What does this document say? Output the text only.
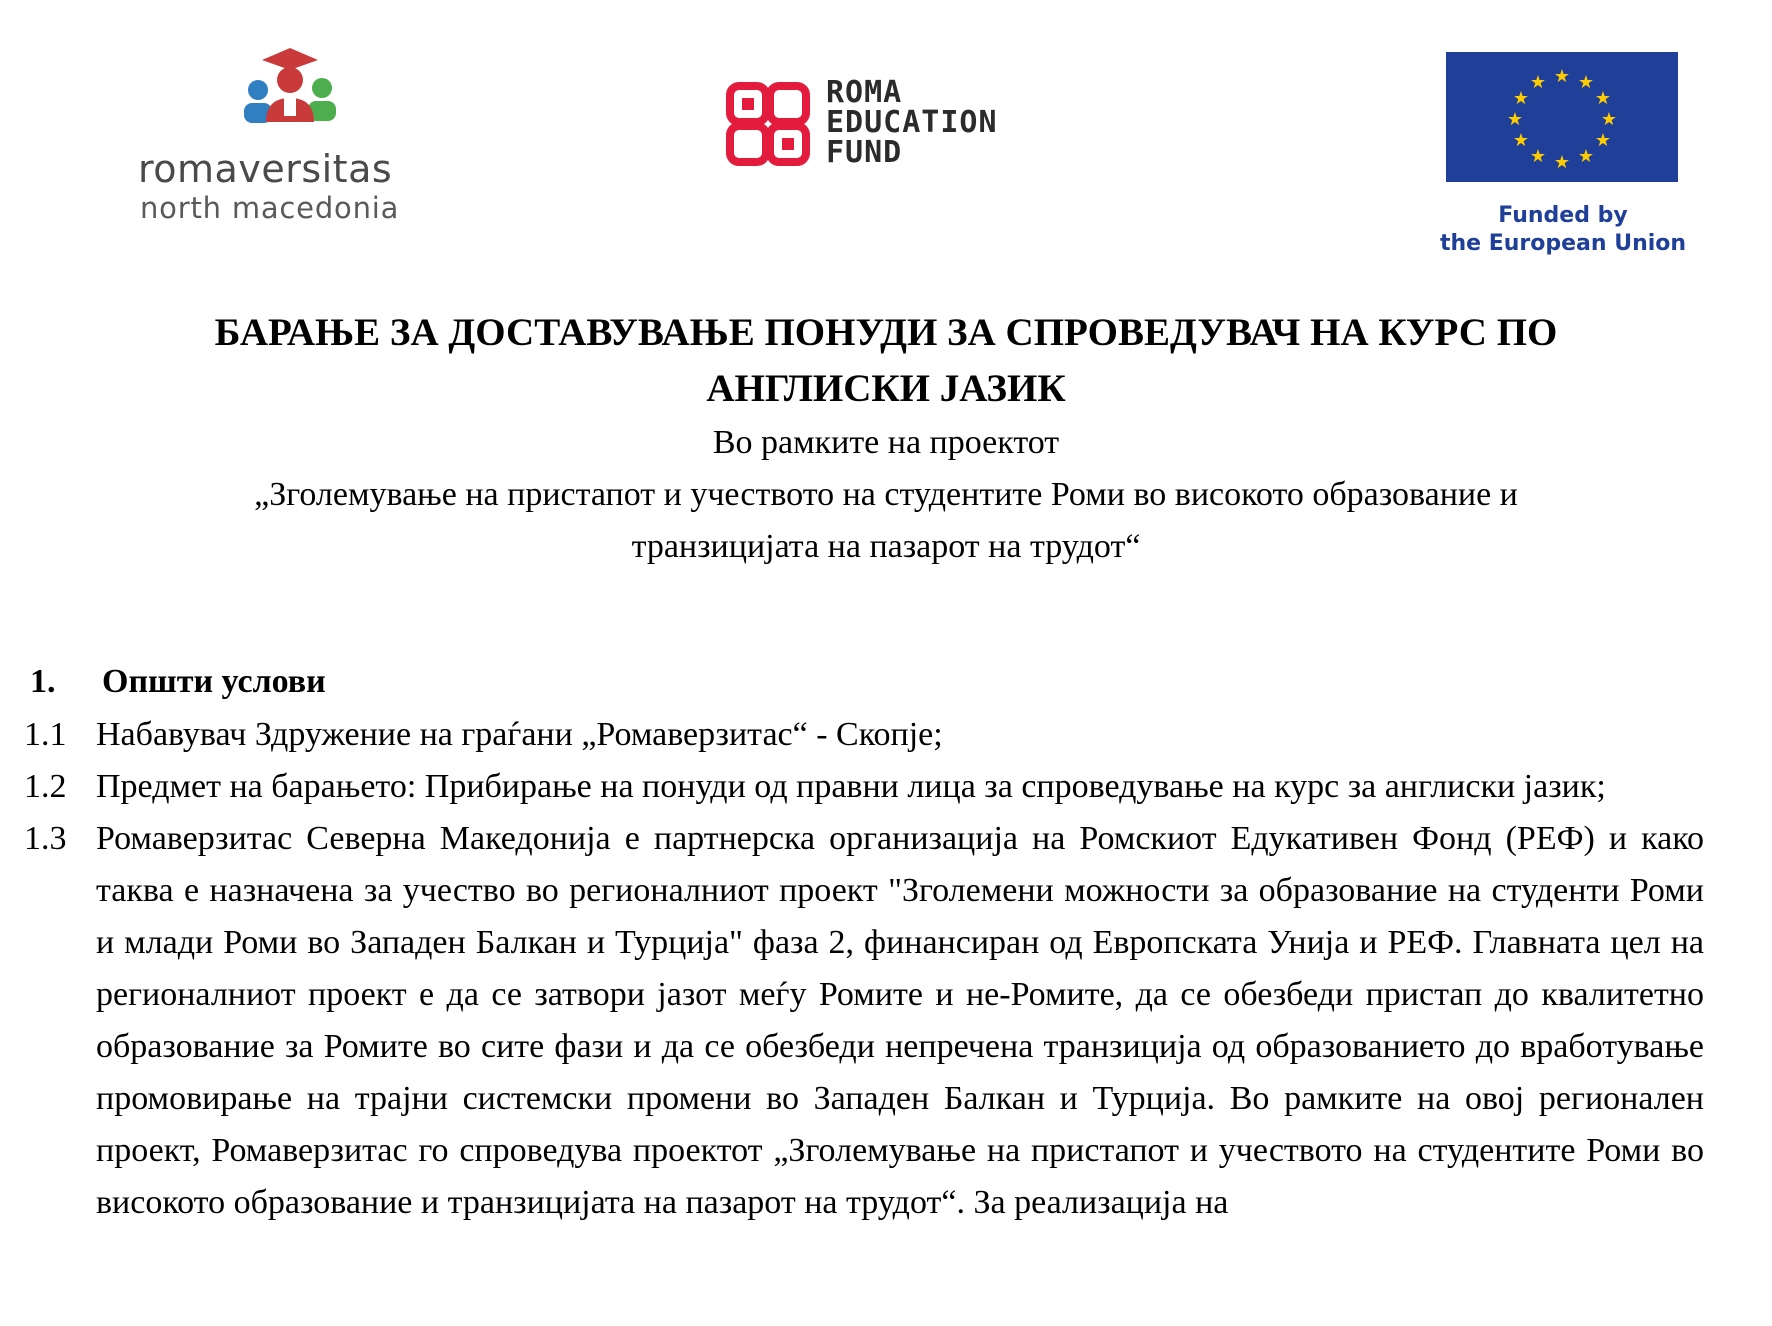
romaversitas
north macedonia
ROMA
EDUCATION
FUND
★ ★
★
★
★
★
★
★
★
★
★
★
Funded by
the European Union

БАРАЊЕ ЗА ДОСТАВУВАЊЕ ПОНУДИ ЗА СПРОВЕДУВАЧ НА КУРС ПО

АНГЛИСКИ ЈАЗИК

Во рамките на проектот

„Зголемување на пристапот и учеството на студентите Роми во високото образование и

транзицијата на пазарот на трудот“

1.	Општи услови
1.1 Набавувач Здружение на граѓани „Ромаверзитас“ - Скопје;
1.2 Предмет на барањето: Прибирање на понуди од правни лица за спроведување на курс за англиски јазик;
1.3 Ромаверзитас Северна Македонија е партнерска организација на Ромскиот Едукативен Фонд (РЕФ) и како таква е назначена за учество во регионалниот проект "Зголемени можности за образование на студенти Роми и млади Роми во Западен Балкан и Турција" фаза 2, финансиран од Европската Унија и РЕФ. Главната цел на регионалниот проект е да се затвори јазот меѓу Ромите и не-Ромите, да се обезбеди пристап до квалитетно образование за Ромите во сите фази и да се обезбеди непречена транзиција од образованието до вработување промовирање на трајни системски промени во Западен Балкан и Турција. Во рамките на овој регионален проект, Ромаверзитас го спроведува проектот „Зголемување на пристапот и учеството на студентите Роми во високото образование и транзицијата на пазарот на трудот“. За реализација на
